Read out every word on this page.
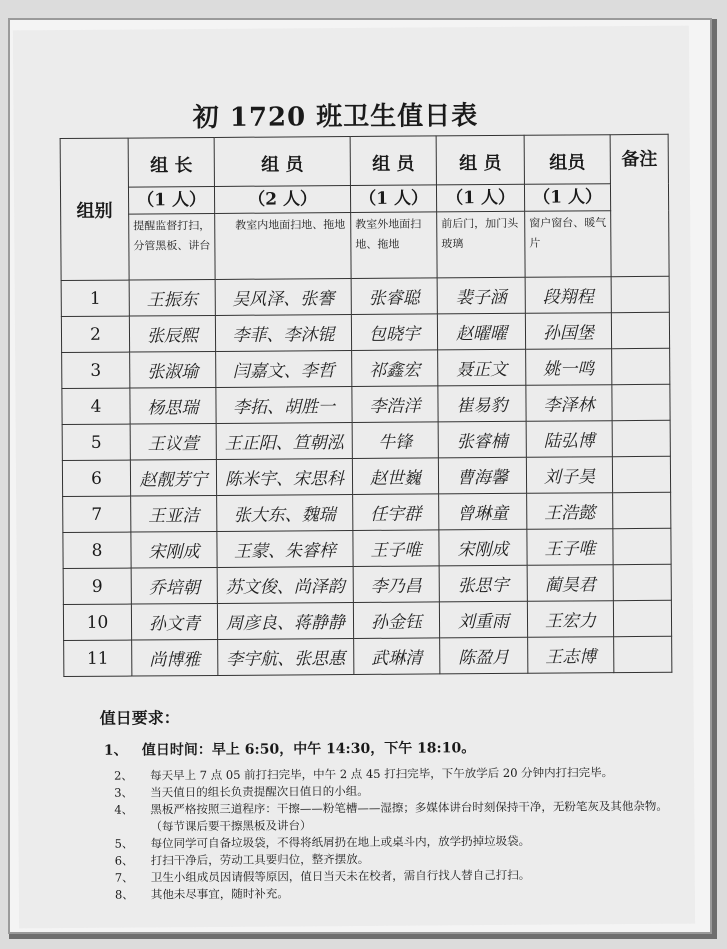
初 1720 班卫生值日表
组别	组 长	组 员	组 员	组 员	组员	备注
	（1 人）	（2 人）	（1 人）	（1 人）	（1 人）	
	提醒监督打扫，分管黑板、讲台	教室内地面扫地、拖地	教室外地面扫地、拖地	前后门，加门头玻璃	窗户窗台、暖气片	
1	王振东	吴风泽、张謇	张睿聪	裴子涵	段翔程	
2	张辰熙	李菲、李沐锟	包晓宇	赵曜曜	孙国堡	
3	张淑瑜	闫嘉文、李哲	祁鑫宏	聂正文	姚一鸣	
4	杨思瑞	李拓、胡胜一	李浩洋	崔易豹	李泽林	
5	王议萱	王正阳、笪朝泓	牛锋	张睿楠	陆弘博	
6	赵靓芳宁	陈米宇、宋思科	赵世巍	曹海馨	刘子昊	
7	王亚洁	张大东、魏瑞	任宇群	曾琳童	王浩懿	
8	宋刚成	王蒙、朱睿梓	王子唯	宋刚成	王子唯	
9	乔培朝	苏文俊、尚泽韵	李乃昌	张思宇	蔺昊君	
10	孙文青	周彦良、蒋静静	孙金钰	刘重雨	王宏力	
11	尚博雅	李宇航、张思惠	武琳清	陈盈月	王志博	
值日要求：
1、 值日时间：早上 6:50，中午 14:30，下午 18:10。
2、 每天早上 7 点 05 前打扫完毕，中午 2 点 45 打扫完毕，下午放学后 20 分钟内打扫完毕。
3、 当天值日的组长负责提醒次日值日的小组。
4、 黑板严格按照三道程序：干擦——粉笔槽——湿擦；多媒体讲台时刻保持干净，无粉笔灰及其他杂物。（每节课后要干擦黑板及讲台）
5、 每位同学可自备垃圾袋，不得将纸屑扔在地上或桌斗内，放学扔掉垃圾袋。
6、 打扫干净后，劳动工具要归位，整齐摆放。
7、 卫生小组成员因请假等原因，值日当天未在校者，需自行找人替自己打扫。
8、 其他未尽事宜，随时补充。
